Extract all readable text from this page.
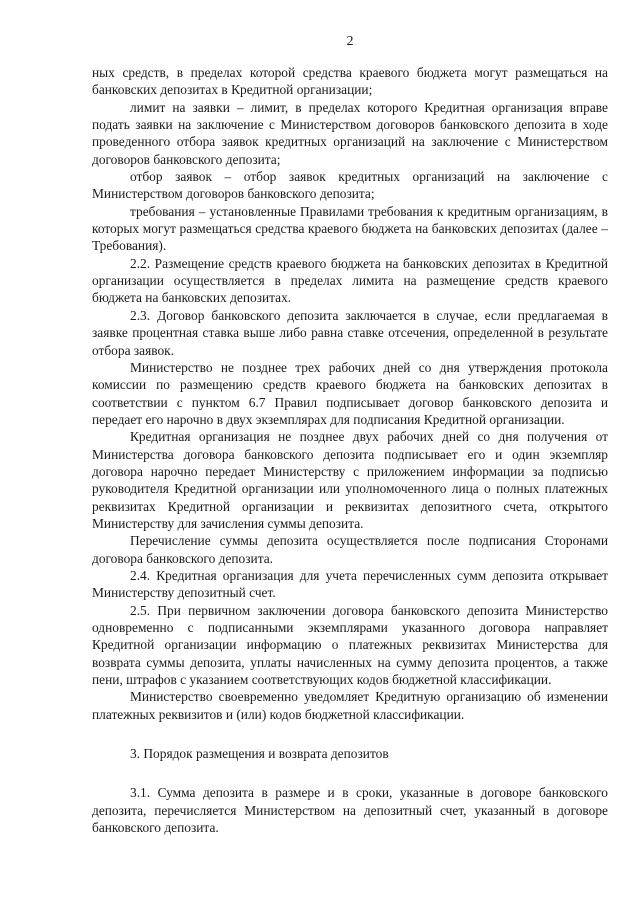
2

ных средств, в пределах которой средства краевого бюджета могут размещаться на банковских депозитах в Кредитной организации;

лимит на заявки – лимит, в пределах которого Кредитная организация вправе подать заявки на заключение с Министерством договоров банковского депозита в ходе проведенного отбора заявок кредитных организаций на заключение с Министерством договоров банковского депозита;

отбор заявок – отбор заявок кредитных организаций на заключение с Министерством договоров банковского депозита;

требования – установленные Правилами требования к кредитным организациям, в которых могут размещаться средства краевого бюджета на банковских депозитах (далее – Требования).

2.2. Размещение средств краевого бюджета на банковских депозитах в Кредитной организации осуществляется в пределах лимита на размещение средств краевого бюджета на банковских депозитах.

2.3. Договор банковского депозита заключается в случае, если предлагаемая в заявке процентная ставка выше либо равна ставке отсечения, определенной в результате отбора заявок.

Министерство не позднее трех рабочих дней со дня утверждения протокола комиссии по размещению средств краевого бюджета на банковских депозитах в соответствии с пунктом 6.7 Правил подписывает договор банковского депозита и передает его нарочно в двух экземплярах для подписания Кредитной организации.

Кредитная организация не позднее двух рабочих дней со дня получения от Министерства договора банковского депозита подписывает его и один экземпляр договора нарочно передает Министерству с приложением информации за подписью руководителя Кредитной организации или уполномоченного лица о полных платежных реквизитах Кредитной организации и реквизитах депозитного счета, открытого Министерству для зачисления суммы депозита.

Перечисление суммы депозита осуществляется после подписания Сторонами договора банковского депозита.

2.4. Кредитная организация для учета перечисленных сумм депозита открывает Министерству депозитный счет.

2.5. При первичном заключении договора банковского депозита Министерство одновременно с подписанными экземплярами указанного договора направляет Кредитной организации информацию о платежных реквизитах Министерства для возврата суммы депозита, уплаты начисленных на сумму депозита процентов, а также пени, штрафов с указанием соответствующих кодов бюджетной классификации.

Министерство своевременно уведомляет Кредитную организацию об изменении платежных реквизитов и (или) кодов бюджетной классификации.

3. Порядок размещения и возврата депозитов

3.1. Сумма депозита в размере и в сроки, указанные в договоре банковского депозита, перечисляется Министерством на депозитный счет, указанный в договоре банковского депозита.
